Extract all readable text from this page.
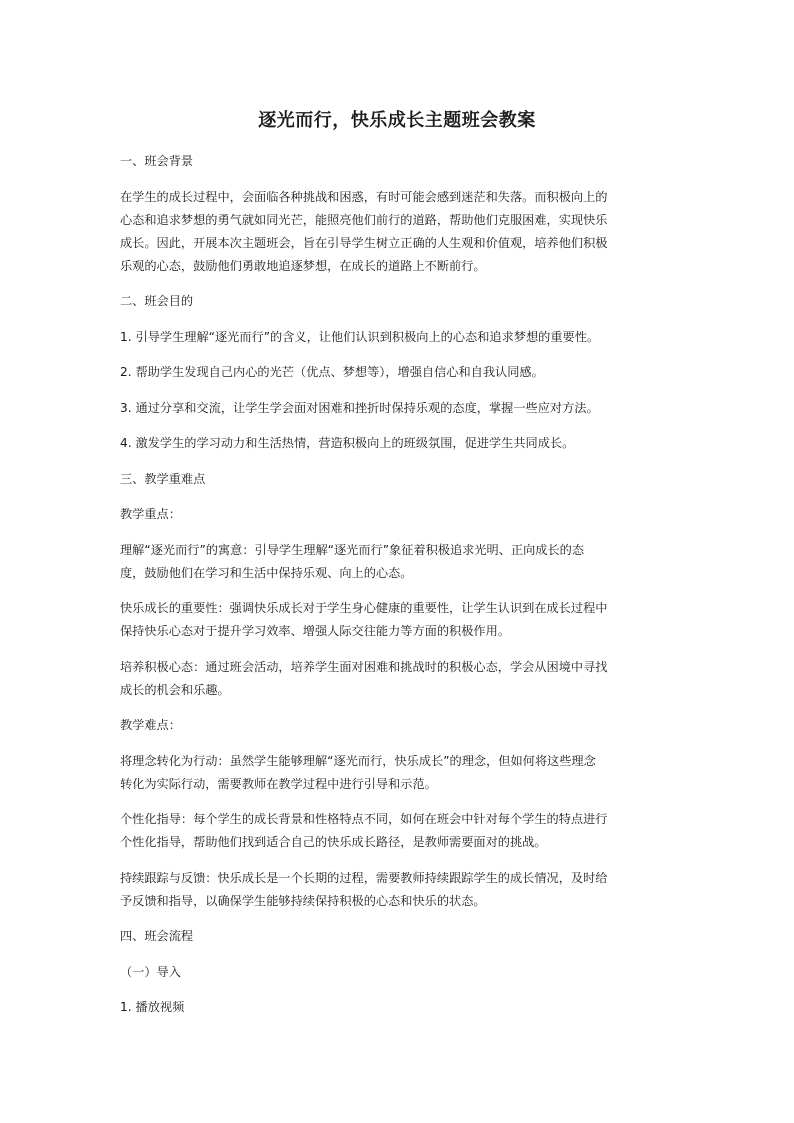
逐光而行，快乐成长主题班会教案
一、班会背景
在学生的成长过程中，会面临各种挑战和困惑，有时可能会感到迷茫和失落。而积极向上的
心态和追求梦想的勇气就如同光芒，能照亮他们前行的道路，帮助他们克服困难，实现快乐
成长。因此，开展本次主题班会，旨在引导学生树立正确的人生观和价值观，培养他们积极
乐观的心态，鼓励他们勇敢地追逐梦想，在成长的道路上不断前行。
二、班会目的
1. 引导学生理解“逐光而行”的含义，让他们认识到积极向上的心态和追求梦想的重要性。
2. 帮助学生发现自己内心的光芒（优点、梦想等），增强自信心和自我认同感。
3. 通过分享和交流，让学生学会面对困难和挫折时保持乐观的态度，掌握一些应对方法。
4. 激发学生的学习动力和生活热情，营造积极向上的班级氛围，促进学生共同成长。
三、教学重难点
教学重点：
理解“逐光而行”的寓意：引导学生理解“逐光而行”象征着积极追求光明、正向成长的态
度，鼓励他们在学习和生活中保持乐观、向上的心态。
快乐成长的重要性：强调快乐成长对于学生身心健康的重要性，让学生认识到在成长过程中
保持快乐心态对于提升学习效率、增强人际交往能力等方面的积极作用。
培养积极心态：通过班会活动，培养学生面对困难和挑战时的积极心态，学会从困境中寻找
成长的机会和乐趣。
教学难点：
将理念转化为行动：虽然学生能够理解“逐光而行，快乐成长”的理念，但如何将这些理念
转化为实际行动，需要教师在教学过程中进行引导和示范。
个性化指导：每个学生的成长背景和性格特点不同，如何在班会中针对每个学生的特点进行
个性化指导，帮助他们找到适合自己的快乐成长路径，是教师需要面对的挑战。
持续跟踪与反馈：快乐成长是一个长期的过程，需要教师持续跟踪学生的成长情况，及时给
予反馈和指导，以确保学生能够持续保持积极的心态和快乐的状态。
四、班会流程
（一）导入
1. 播放视频
